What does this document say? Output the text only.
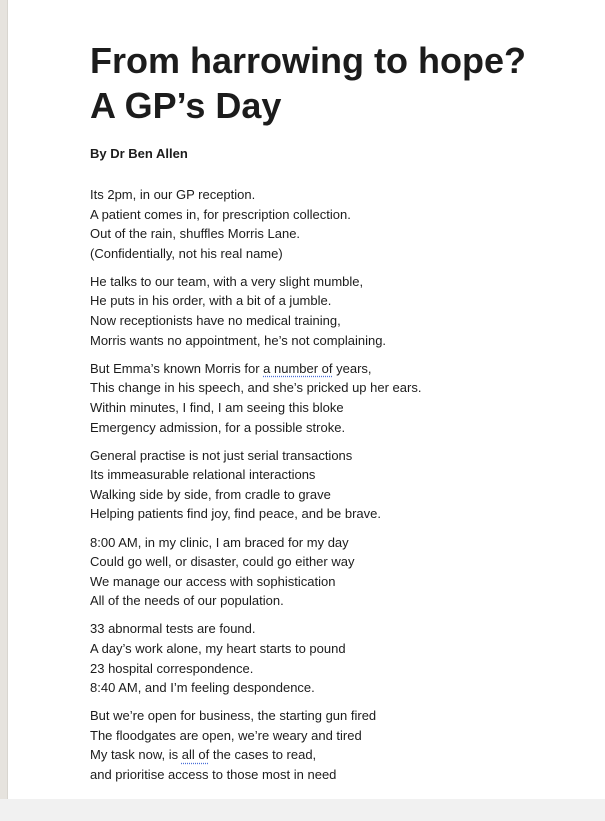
From harrowing to hope?
A GP’s Day
By Dr Ben Allen
Its 2pm, in our GP reception.
A patient comes in, for prescription collection.
Out of the rain, shuffles Morris Lane.
(Confidentially, not his real name)
He talks to our team, with a very slight mumble,
He puts in his order, with a bit of a jumble.
Now receptionists have no medical training,
Morris wants no appointment, he’s not complaining.
But Emma’s known Morris for a number of years,
This change in his speech, and she’s pricked up her ears.
Within minutes, I find, I am seeing this bloke
Emergency admission, for a possible stroke.
General practise is not just serial transactions
Its immeasurable relational interactions
Walking side by side, from cradle to grave
Helping patients find joy, find peace, and be brave.
8:00 AM, in my clinic, I am braced for my day
Could go well, or disaster, could go either way
We manage our access with sophistication
All of the needs of our population.
33 abnormal tests are found.
A day’s work alone, my heart starts to pound
23 hospital correspondence.
8:40 AM, and I’m feeling despondence.
But we’re open for business, the starting gun fired
The floodgates are open, we’re weary and tired
My task now, is all of the cases to read,
and prioritise access to those most in need
